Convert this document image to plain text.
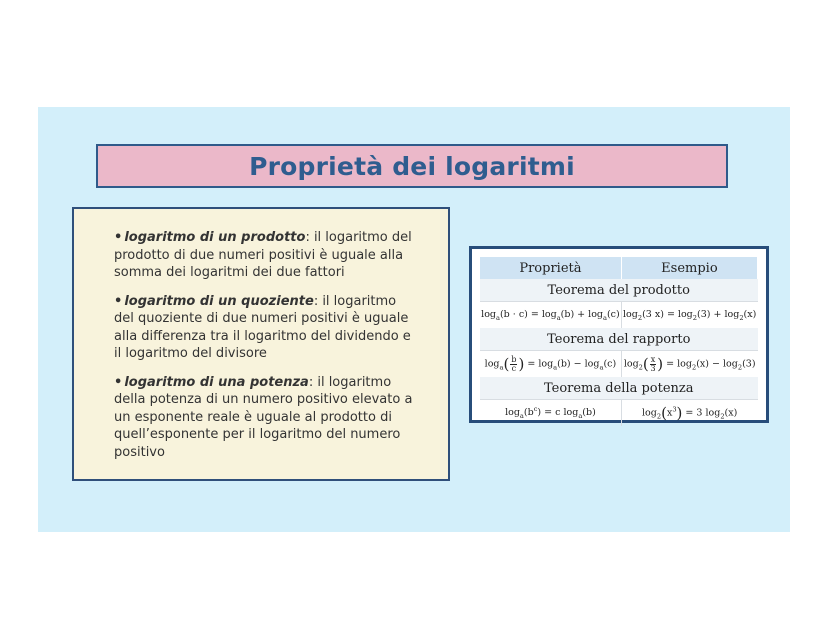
Proprietà dei logaritmi
• logaritmo di un prodotto: il logaritmo del prodotto di due numeri positivi è uguale alla somma dei logaritmi dei due fattori
• logaritmo di un quoziente: il logaritmo del quoziente di due numeri positivi è uguale alla differenza tra il logaritmo del dividendo e il logaritmo del divisore
• logaritmo di una potenza: il logaritmo della potenza di un numero positivo elevato a un esponente reale è uguale al prodotto di quell’esponente per il logaritmo del numero positivo
Proprietà	Esempio
Teorema del prodotto	
$\log_a(b \cdot c) = \log_a(b) + \log_a(c)$	$\log_2(3$ $x) = \log_2(3) + \log_2(x)$
Teorema del rapporto	
$\log_a( \frac{b}{c}$ ) = $\log_a(b) - \log_a(c)$	$\log_2( \frac{x}{3}$ ) = $\log_2(x) - \log_2(3)$
Teorema della potenza	
$\log_a(b^c) = c$ $\log_a(b)$	$\log_2(x^3) = 3$ $\log_2(x)$
